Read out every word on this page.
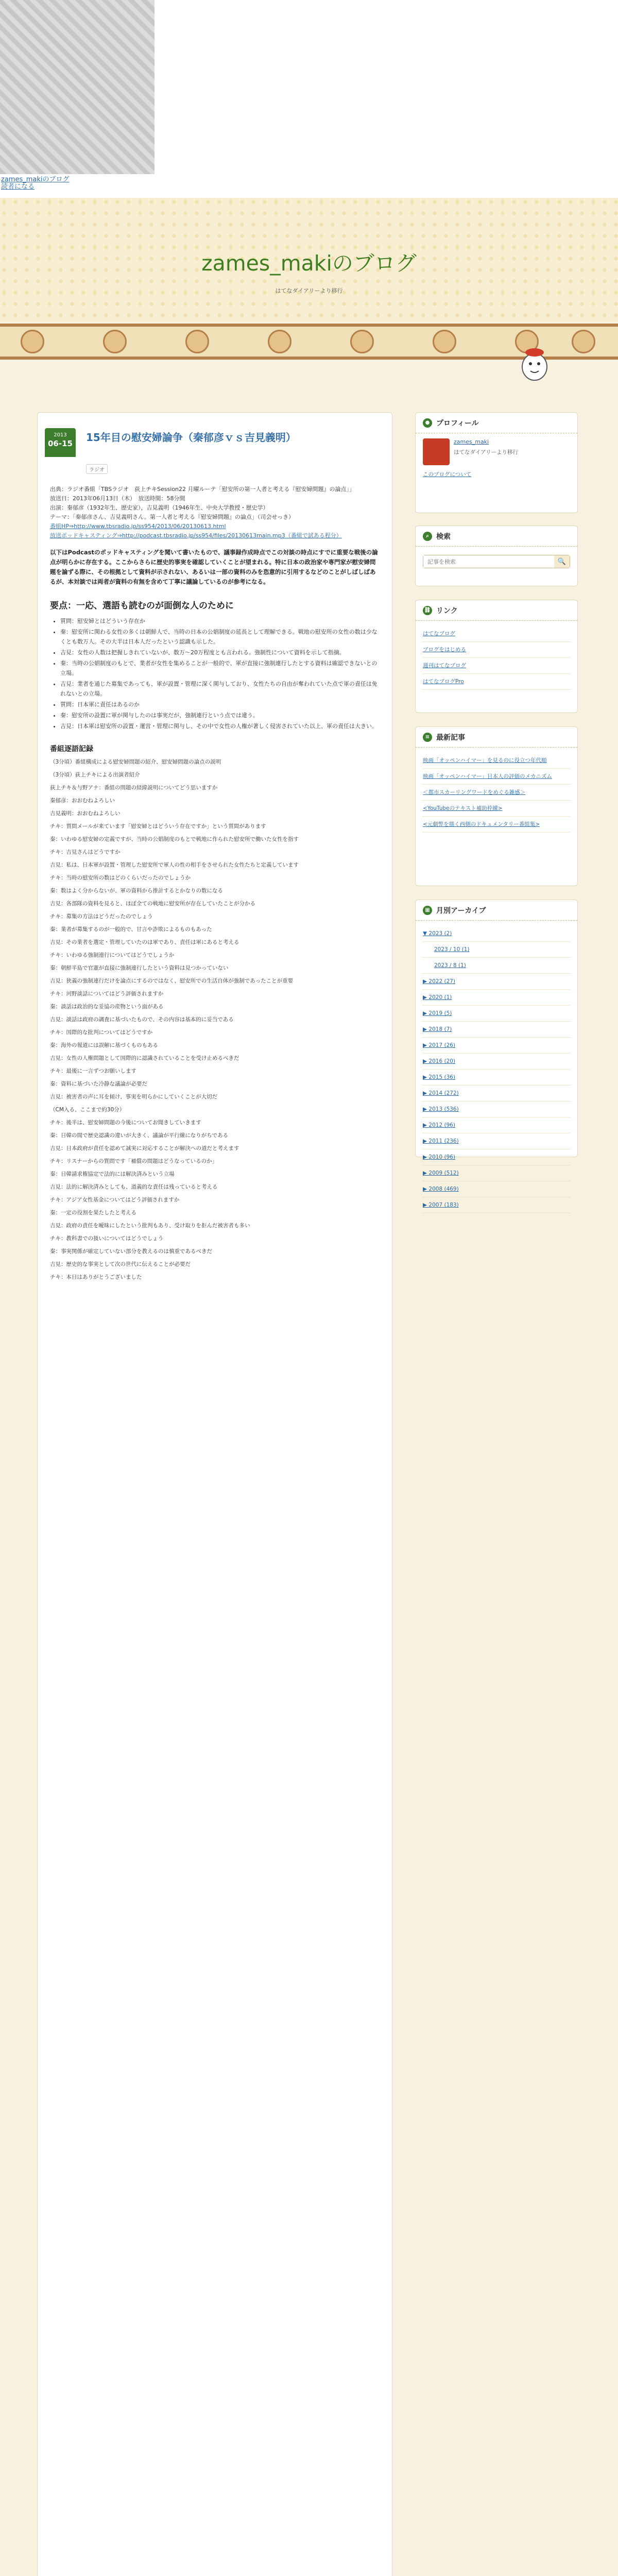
zames_makiのブログ
読者になる
zames_makiのブログ
はてなダイアリーより移行
2013
06-15	15年目の慰安婦論争（秦郁彦ｖｓ吉見義明）
ラジオ

出典：ラジオ番組「TBSラジオ　荻上チキSession22 月曜ルーテ「慰安所の第一人者と考える『慰安婦問題』の論点」」

放送日：2013年06月13日（木）　放送時間：58分間

出演：秦郁彦（1932年生、歴史家），吉見義明（1946年生、中央大学教授・歴史学）

テーマ：「秦郁彦さん、吉見義明さん。第一人者と考える『慰安婦問題』の論点」（司会せっき）

番組HP⇒http://www.tbsradio.jp/ss954/2013/06/20130613.html

放送ポッドキャスティング⇒http://podcast.tbsradio.jp/ss954/files/20130613main.mp3（番組で試ある程分）

以下はPodcastのポッドキャスティングを聞いて書いたもので、議事録作成時点でこの対談の時点にすでに重要な戦後の論点が明らかに存在する。ここからさらに歴史的事実を確認していくことが望まれる。特に日本の政治家や専門家が慰安婦問題を論ずる際に、その根拠として資料が示されない、あるいは一部の資料のみを恣意的に引用するなどのことがしばしばあるが、本対談では両者が資料の有無を含めて丁寧に議論しているのが参考になる。

要点：一応、選語も読むのが面倒な人のために
• 質問：慰安婦とはどういう存在か
• 秦：慰安所に関わる女性の多くは朝鮮人で、当時の日本の公娼制度の延長として理解できる。戦地の慰安所の女性の数は少なくとも数万人。その大半は日本人だったという認識も示した。
• 吉見：女性の人数は把握しきれていないが、数万〜20万程度とも言われる。強制性について資料を示して指摘。
• 秦：当時の公娼制度のもとで、業者が女性を集めることが一般的で、軍が直接に強制連行したとする資料は確認できないとの立場。
• 吉見：業者を通じた募集であっても、軍が設置・管理に深く関与しており、女性たちの自由が奪われていた点で軍の責任は免れないとの立場。
• 質問：日本軍に責任はあるのか
• 秦：慰安所の設置に軍が関与したのは事実だが、強制連行という点では違う。
• 吉見：日本軍は慰安所の設置・運営・管理に関与し、その中で女性の人権が著しく侵害されていた以上、軍の責任は大きい。
番組逐語記録

（3分頃）番組構成による慰安婦問題の紹介、慰安婦問題の論点の説明

（3分頃）荻上チキによる出演者紹介

荻上チキ＆与野アナ：番組の問題の経緯説明についてどう思いますか

秦郁彦：おおむねよろしい

吉見義明：おおむねよろしい

チキ：質問メールが来ています「慰安婦とはどういう存在ですか」という質問があります

秦：いわゆる慰安婦の定義ですが、当時の公娼制度のもとで戦地に作られた慰安所で働いた女性を指す

チキ：吉見さんはどうですか

吉見：私は、日本軍が設置・管理した慰安所で軍人の性の相手をさせられた女性たちと定義しています

チキ：当時の慰安所の数はどのくらいだったのでしょうか

秦：数はよく分からないが、軍の資料から推計するとかなりの数になる

吉見：各部隊の資料を見ると、ほぼ全ての戦地に慰安所が存在していたことが分かる

チキ：募集の方法はどうだったのでしょう

秦：業者が募集するのが一般的で、甘言や詐欺によるものもあった

吉見：その業者を選定・管理していたのは軍であり、責任は軍にあると考える

チキ：いわゆる強制連行についてはどうでしょうか

秦：朝鮮半島で官憲が直接に強制連行したという資料は見つかっていない

吉見：狭義の強制連行だけを論点にするのではなく、慰安所での生活自体が強制であったことが重要

チキ：河野談話についてはどう評価されますか

秦：談話は政治的な妥協の産物という面がある

吉見：談話は政府の調査に基づいたもので、その内容は基本的に妥当である

チキ：国際的な批判についてはどうですか

秦：海外の報道には誤解に基づくものもある

吉見：女性の人権問題として国際的に認識されていることを受け止めるべきだ

チキ：最後に一言ずつお願いします

秦：資料に基づいた冷静な議論が必要だ

吉見：被害者の声に耳を傾け、事実を明らかにしていくことが大切だ

（CM入る、ここまで約30分）

チキ：後半は、慰安婦問題の今後についてお聞きしていきます

秦：日韓の間で歴史認識の違いが大きく、議論が平行線になりがちである

吉見：日本政府が責任を認めて誠実に対応することが解決への道だと考えます

チキ：リスナーからの質問です「補償の問題はどうなっているのか」

秦：日韓請求権協定で法的には解決済みという立場

吉見：法的に解決済みとしても、道義的な責任は残っていると考える

チキ：アジア女性基金についてはどう評価されますか

秦：一定の役割を果たしたと考える

吉見：政府の責任を曖昧にしたという批判もあり、受け取りを拒んだ被害者も多い

チキ：教科書での扱いについてはどうでしょう

秦：事実関係が確定していない部分を教えるのは慎重であるべきだ

吉見：歴史的な事実として次の世代に伝えることが必要だ

チキ：本日はありがとうございました

● プロフィール
zames_maki
はてなダイアリーより移行
このブログについて
⌕	検索
記事を検索
🔍
⛓ リンク
はてなブログ
ブログをはじめる
週刊はてなブログ
はてなブログPro
≡ 最新記事
映画「オッペンハイマー」を見るのに役立つ年代順
映画「オッペンハイマー」日本人の評価のメカニズム
＜都市スカーリングワードをめぐる雑感＞
<YouTubeのテキスト補助枠練>
<元劇弊を描く西側のドキュメンタリー番組集>
▦ 月別アーカイブ
▼ 2023 (2)
2023 / 10 (1)
2023 / 8 (1)
▶ 2022 (27)
▶ 2020 (1)
▶ 2019 (5)
▶ 2018 (7)
▶ 2017 (26)
▶ 2016 (20)
▶ 2015 (36)
▶ 2014 (272)
▶ 2013 (536)
▶ 2012 (96)
▶ 2011 (236)
▶ 2010 (96)
▶ 2009 (512)
▶ 2008 (469)
▶ 2007 (183)
